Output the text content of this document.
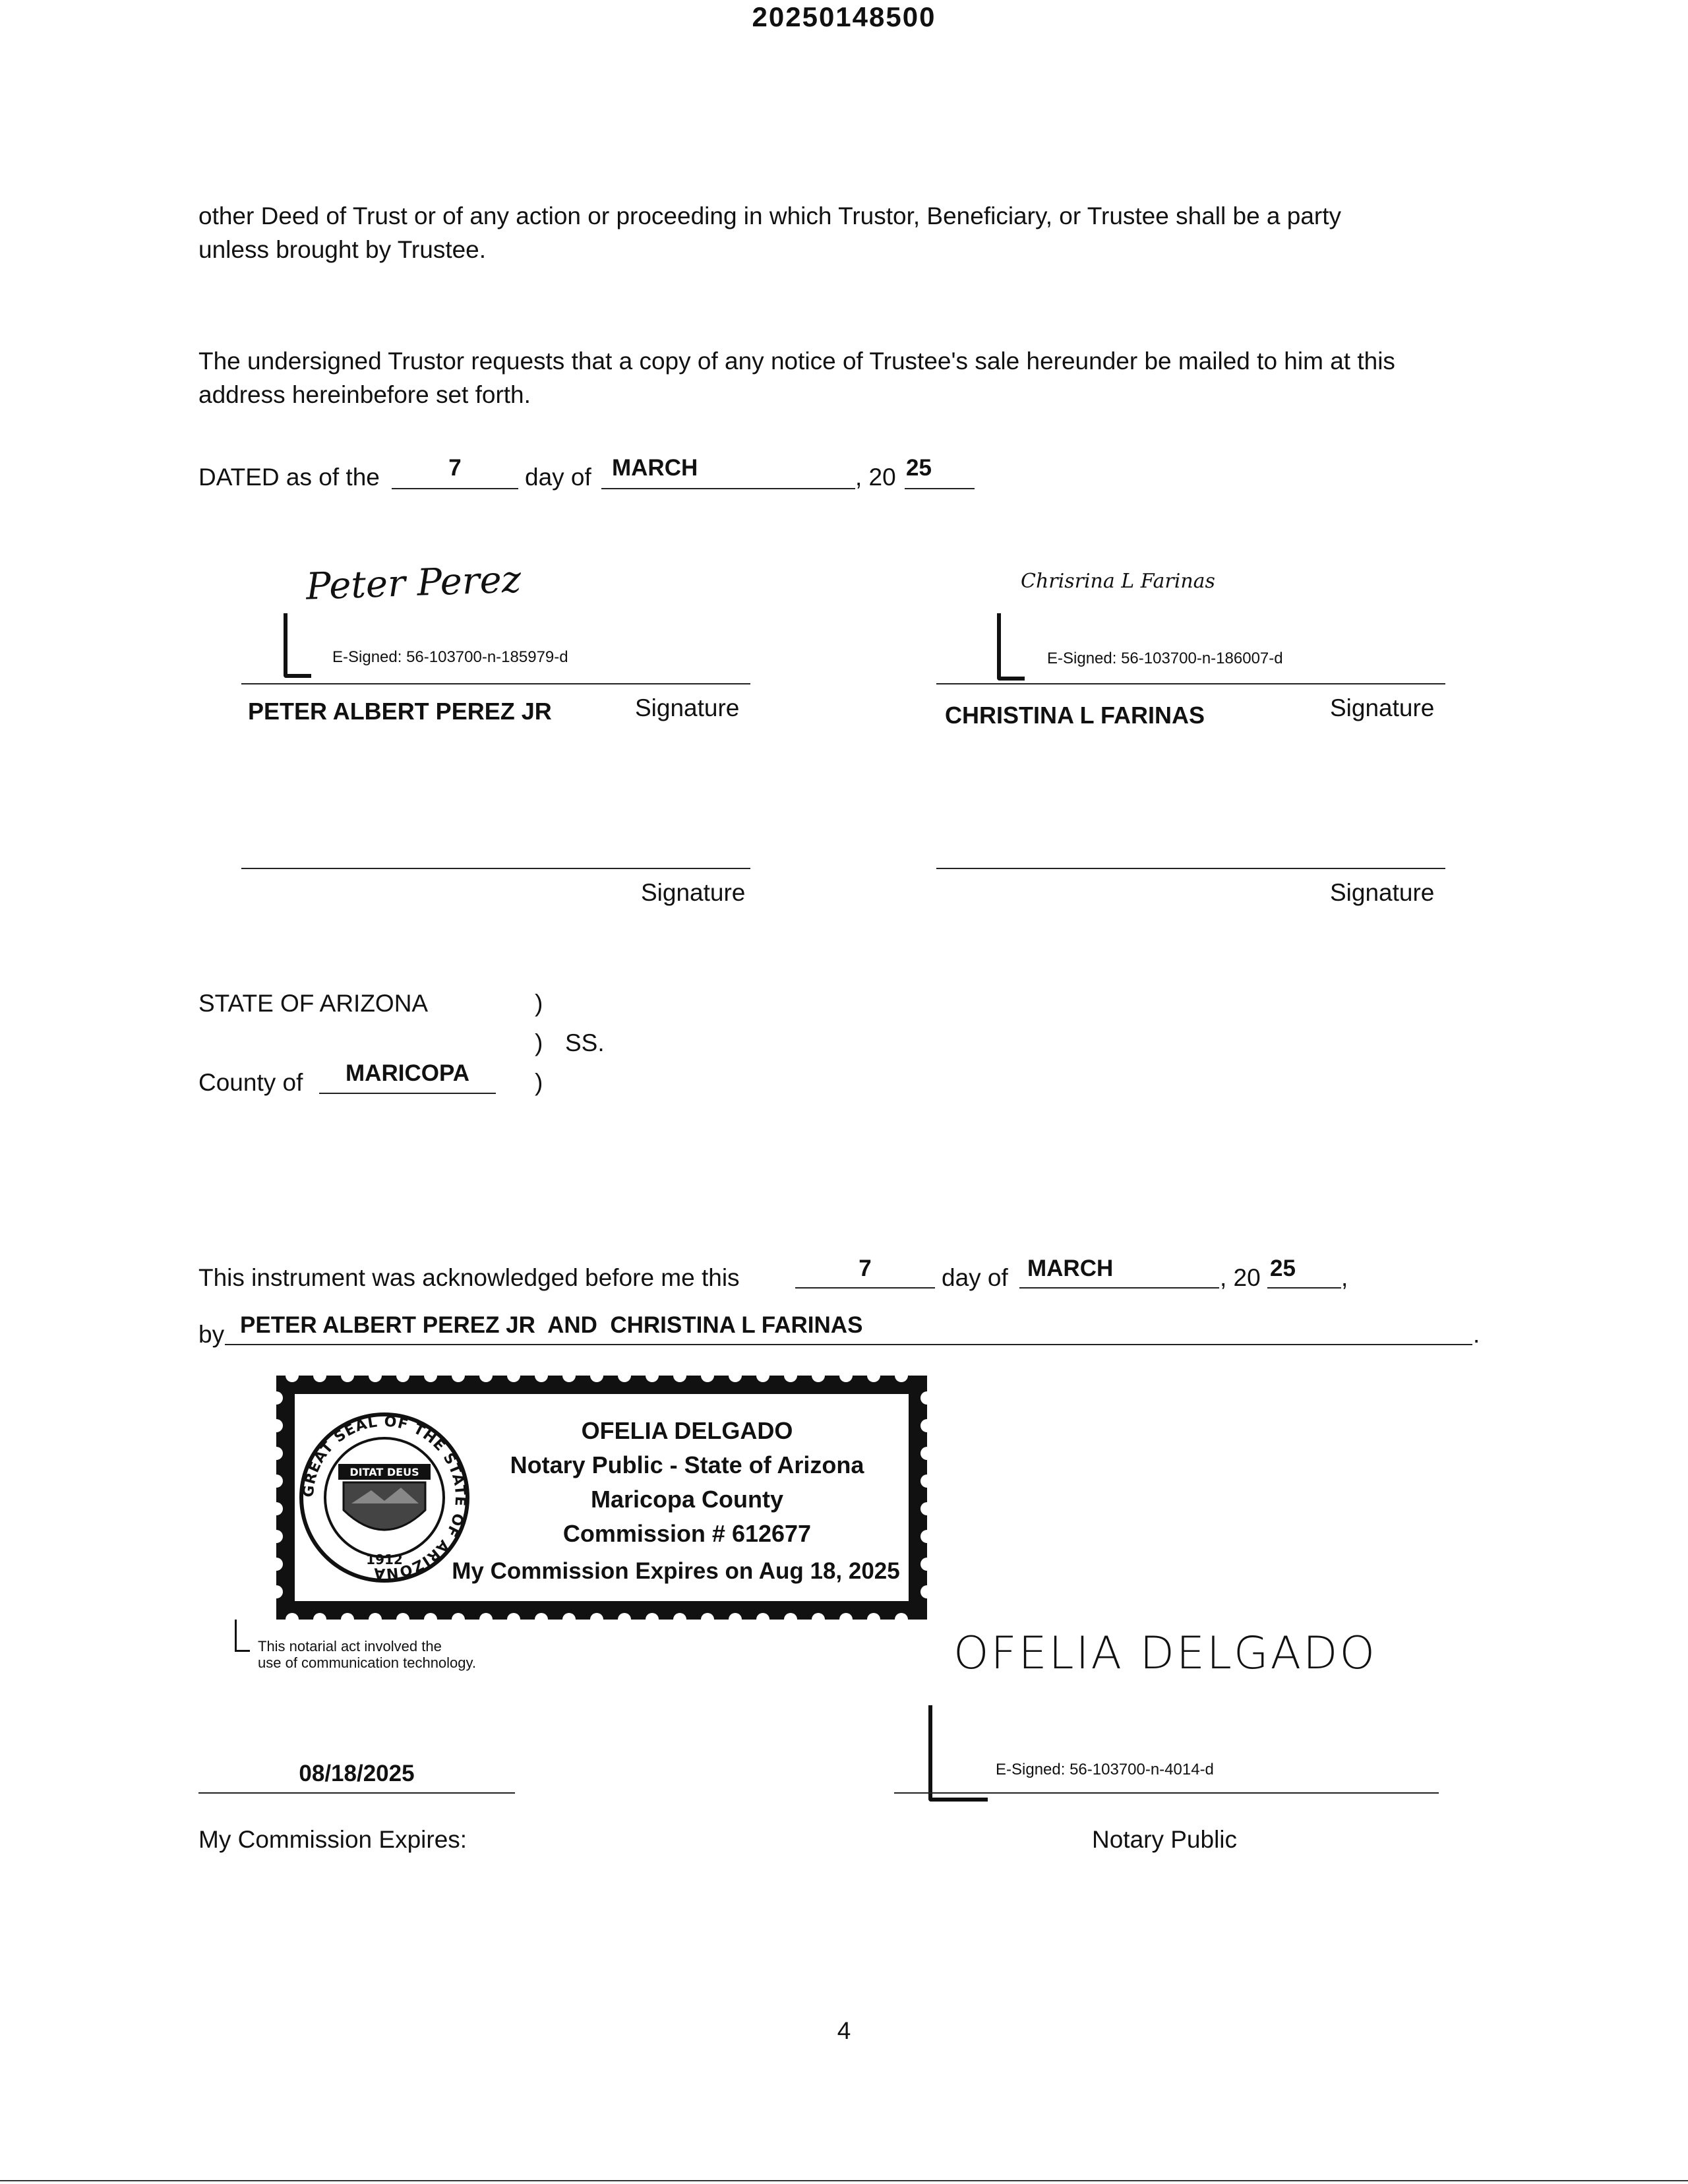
20250148500
other Deed of Trust or of any action or proceeding in which Trustor, Beneficiary, or Trustee shall be a party
unless brought by Trustee.
The undersigned Trustor requests that a copy of any notice of Trustee's sale hereunder be mailed to him at this
address hereinbefore set forth.
DATED as of the	7	day of MARCH	, 20 25
Peter Perez
E-Signed: 56-103700-n-185979-d
PETER ALBERT PEREZ JR	Signature
Chrisrina L Farinas
E-Signed: 56-103700-n-186007-d
CHRISTINA L FARINAS	Signature
Signature	Signature
STATE OF ARIZONA	)
) SS.
County of	MARICOPA	)
This instrument was acknowledged before me this	7	day of MARCH	, 20 25 ,
by PETER ALBERT PEREZ JR  AND  CHRISTINA L FARINAS	.
GREAT SEAL OF THE STATE OF ARIZONA
DITAT DEUS
1912
OFELIA DELGADO
Notary Public - State of Arizona
Maricopa County
Commission # 612677
My Commission Expires on Aug 18, 2025
This notarial act involved the
use of communication technology.	OFELIA DELGADO
E-Signed: 56-103700-n-4014-d
Notary Public
08/18/2025
My Commission Expires:
4
